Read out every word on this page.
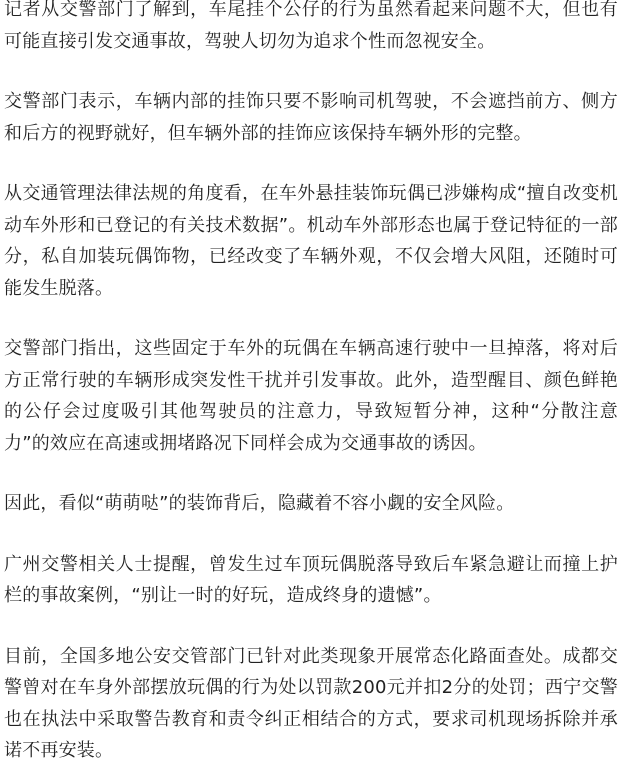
记者从交警部门了解到，车尾挂个公仔的行为虽然看起来问题不大，但也有可能直接引发交通事故，驾驶人切勿为追求个性而忽视安全。

交警部门表示，车辆内部的挂饰只要不影响司机驾驶，不会遮挡前方、侧方和后方的视野就好，但车辆外部的挂饰应该保持车辆外形的完整。

从交通管理法律法规的角度看，在车外悬挂装饰玩偶已涉嫌构成“擅自改变机动车外形和已登记的有关技术数据”。机动车外部形态也属于登记特征的一部分，私自加装玩偶饰物，已经改变了车辆外观，不仅会增大风阻，还随时可能发生脱落。

交警部门指出，这些固定于车外的玩偶在车辆高速行驶中一旦掉落，将对后方正常行驶的车辆形成突发性干扰并引发事故。此外，造型醒目、颜色鲜艳的公仔会过度吸引其他驾驶员的注意力，导致短暂分神，这种“分散注意力”的效应在高速或拥堵路况下同样会成为交通事故的诱因。

因此，看似“萌萌哒”的装饰背后，隐藏着不容小觑的安全风险。

广州交警相关人士提醒，曾发生过车顶玩偶脱落导致后车紧急避让而撞上护栏的事故案例，“别让一时的好玩，造成终身的遗憾”。

目前，全国多地公安交管部门已针对此类现象开展常态化路面查处。成都交警曾对在车身外部摆放玩偶的行为处以罚款200元并扣2分的处罚；西宁交警也在执法中采取警告教育和责令纠正相结合的方式，要求司机现场拆除并承诺不再安装。
